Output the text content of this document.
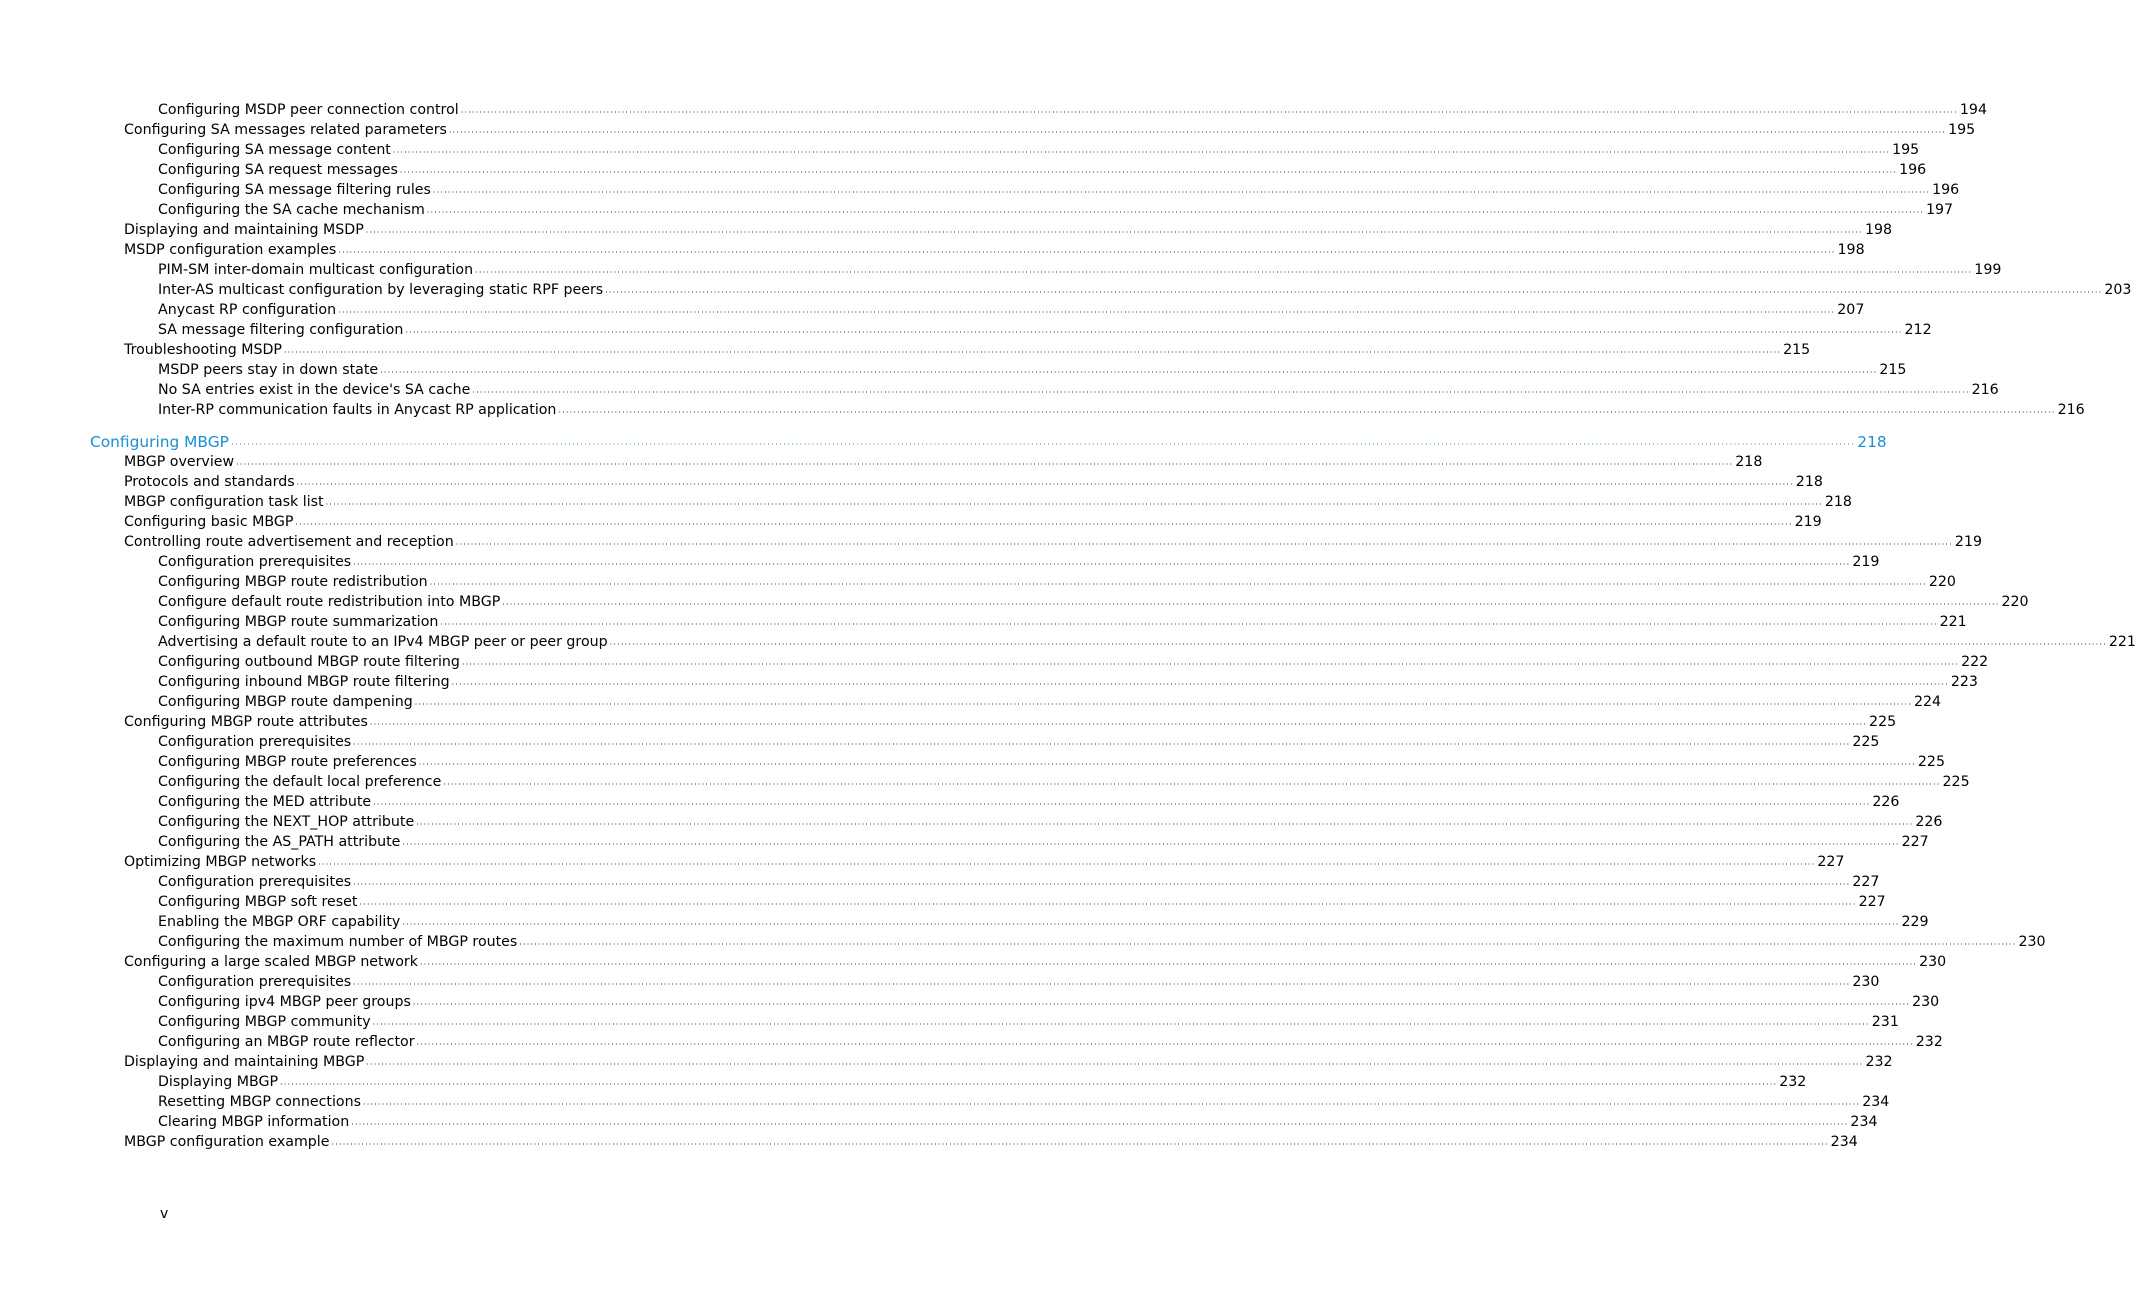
Configuring MSDP peer connection control ················································································································································································································································································································································································································ 194
Configuring SA messages related parameters ················································································································································································································································································································································································································ 195
Configuring SA message content ················································································································································································································································································································································································································ 195
Configuring SA request messages ················································································································································································································································································································································································································ 196
Configuring SA message filtering rules ················································································································································································································································································································································································································ 196
Configuring the SA cache mechanism ················································································································································································································································································································································································································ 197
Displaying and maintaining MSDP ················································································································································································································································································································································································································ 198
MSDP configuration examples ················································································································································································································································································································································································································ 198
PIM-SM inter-domain multicast configuration ················································································································································································································································································································································································································ 199
Inter-AS multicast configuration by leveraging static RPF peers ················································································································································································································································································································································································································ 203
Anycast RP configuration ················································································································································································································································································································································································································ 207
SA message filtering configuration ················································································································································································································································································································································································································ 212
Troubleshooting MSDP ················································································································································································································································································································································································································ 215
MSDP peers stay in down state ················································································································································································································································································································································································································ 215
No SA entries exist in the device's SA cache ················································································································································································································································································································································································································ 216
Inter-RP communication faults in Anycast RP application ················································································································································································································································································································································································································ 216
Configuring MBGP ················································································································································································································································································································································································································ 218
MBGP overview ················································································································································································································································································································································································································ 218
Protocols and standards ················································································································································································································································································································································································································ 218
MBGP configuration task list ················································································································································································································································································································································································································ 218
Configuring basic MBGP ················································································································································································································································································································································································································ 219
Controlling route advertisement and reception ················································································································································································································································································································································································································ 219
Configuration prerequisites ················································································································································································································································································································································································································ 219
Configuring MBGP route redistribution ················································································································································································································································································································································································································ 220
Configure default route redistribution into MBGP ················································································································································································································································································································································································································ 220
Configuring MBGP route summarization ················································································································································································································································································································································································································ 221
Advertising a default route to an IPv4 MBGP peer or peer group ················································································································································································································································································································································································································ 221
Configuring outbound MBGP route filtering ················································································································································································································································································································································································································ 222
Configuring inbound MBGP route filtering ················································································································································································································································································································································································································ 223
Configuring MBGP route dampening ················································································································································································································································································································································································································ 224
Configuring MBGP route attributes ················································································································································································································································································································································································································ 225
Configuration prerequisites ················································································································································································································································································································································································································ 225
Configuring MBGP route preferences ················································································································································································································································································································································································································ 225
Configuring the default local preference ················································································································································································································································································································································································································ 225
Configuring the MED attribute ················································································································································································································································································································································································································ 226
Configuring the NEXT_HOP attribute ················································································································································································································································································································································································································ 226
Configuring the AS_PATH attribute ················································································································································································································································································································································································································ 227
Optimizing MBGP networks ················································································································································································································································································································································································································ 227
Configuration prerequisites ················································································································································································································································································································································································································ 227
Configuring MBGP soft reset ················································································································································································································································································································································································································ 227
Enabling the MBGP ORF capability ················································································································································································································································································································································································································ 229
Configuring the maximum number of MBGP routes ················································································································································································································································································································································································································ 230
Configuring a large scaled MBGP network ················································································································································································································································································································································································································ 230
Configuration prerequisites ················································································································································································································································································································································································································ 230
Configuring ipv4 MBGP peer groups ················································································································································································································································································································································································································ 230
Configuring MBGP community ················································································································································································································································································································································································································ 231
Configuring an MBGP route reflector ················································································································································································································································································································································································································ 232
Displaying and maintaining MBGP ················································································································································································································································································································································································································ 232
Displaying MBGP ················································································································································································································································································································································································································ 232
Resetting MBGP connections ················································································································································································································································································································································································································ 234
Clearing MBGP information ················································································································································································································································································································································································································ 234
MBGP configuration example ················································································································································································································································································································································································································ 234
v
